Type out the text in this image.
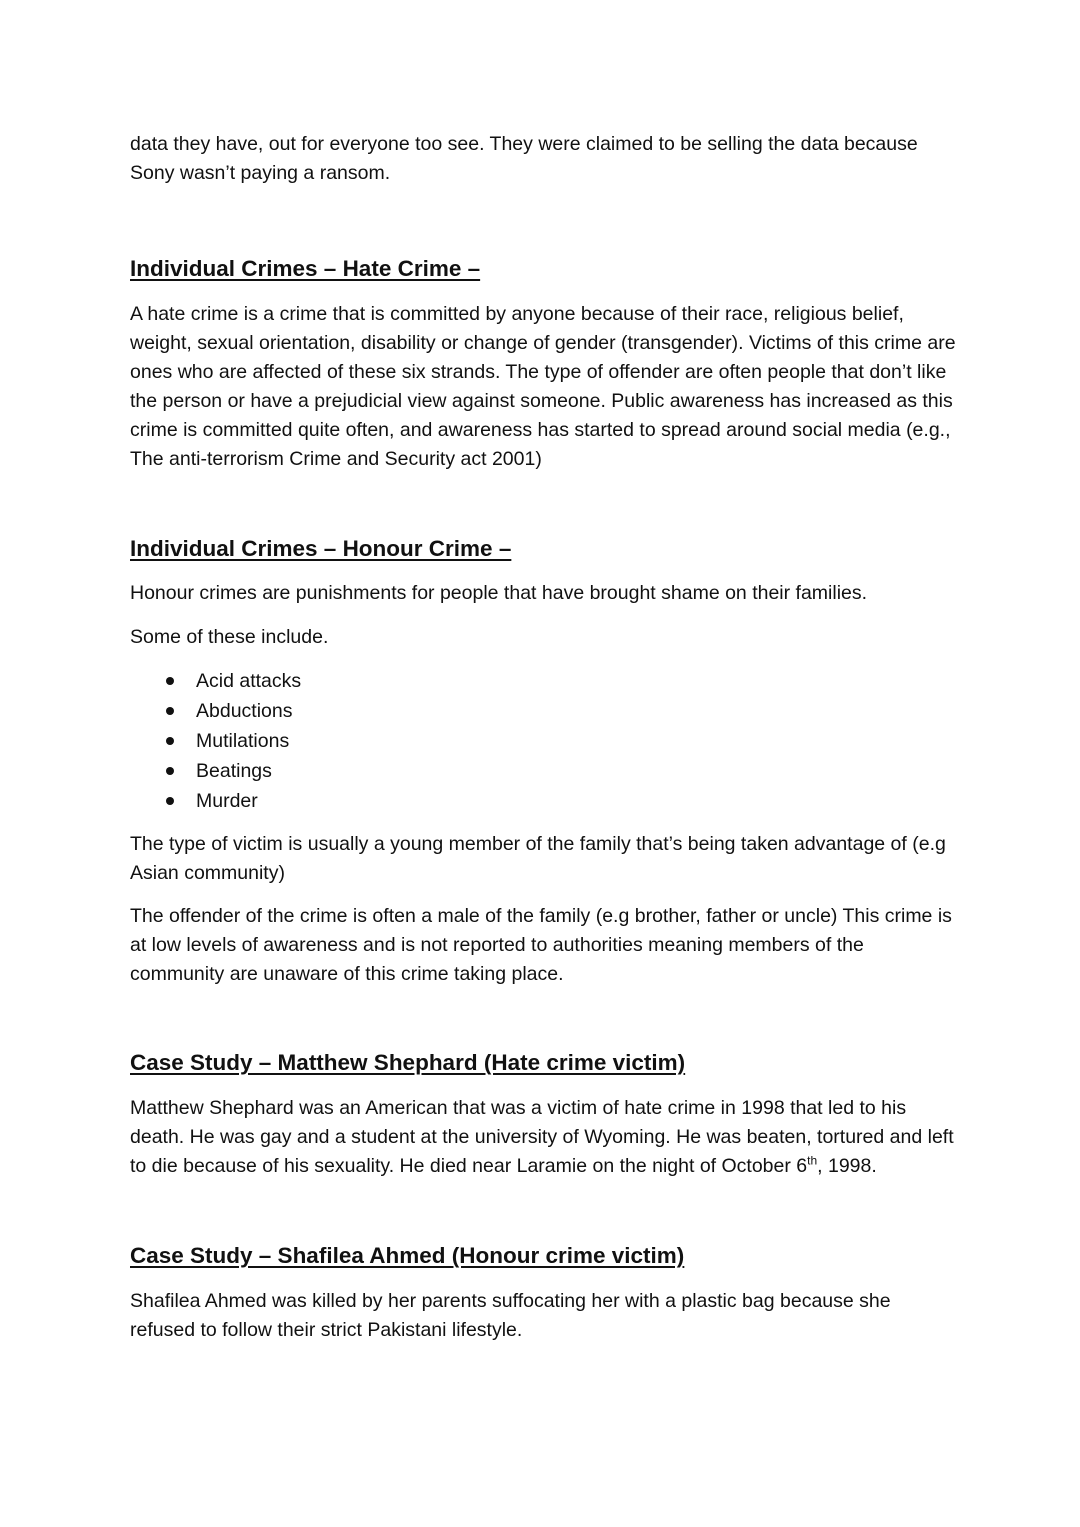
data they have, out for everyone too see. They were claimed to be selling the data because Sony wasn’t paying a ransom.

Individual Crimes – Hate Crime –

A hate crime is a crime that is committed by anyone because of their race, religious belief, weight, sexual orientation, disability or change of gender (transgender). Victims of this crime are ones who are affected of these six strands. The type of offender are often people that don’t like the person or have a prejudicial view against someone. Public awareness has increased as this crime is committed quite often, and awareness has started to spread around social media (e.g., The anti-terrorism Crime and Security act 2001)

Individual Crimes – Honour Crime –

Honour crimes are punishments for people that have brought shame on their families.

Some of these include.

Acid attacks
Abductions
Mutilations
Beatings
Murder

The type of victim is usually a young member of the family that’s being taken advantage of (e.g Asian community)

The offender of the crime is often a male of the family (e.g brother, father or uncle) This crime is at low levels of awareness and is not reported to authorities meaning members of the community are unaware of this crime taking place.

Case Study – Matthew Shephard (Hate crime victim)

Matthew Shephard was an American that was a victim of hate crime in 1998 that led to his death. He was gay and a student at the university of Wyoming. He was beaten, tortured and left to die because of his sexuality. He died near Laramie on the night of October 6th, 1998.

Case Study – Shafilea Ahmed (Honour crime victim)

Shafilea Ahmed was killed by her parents suffocating her with a plastic bag because she refused to follow their strict Pakistani lifestyle.
